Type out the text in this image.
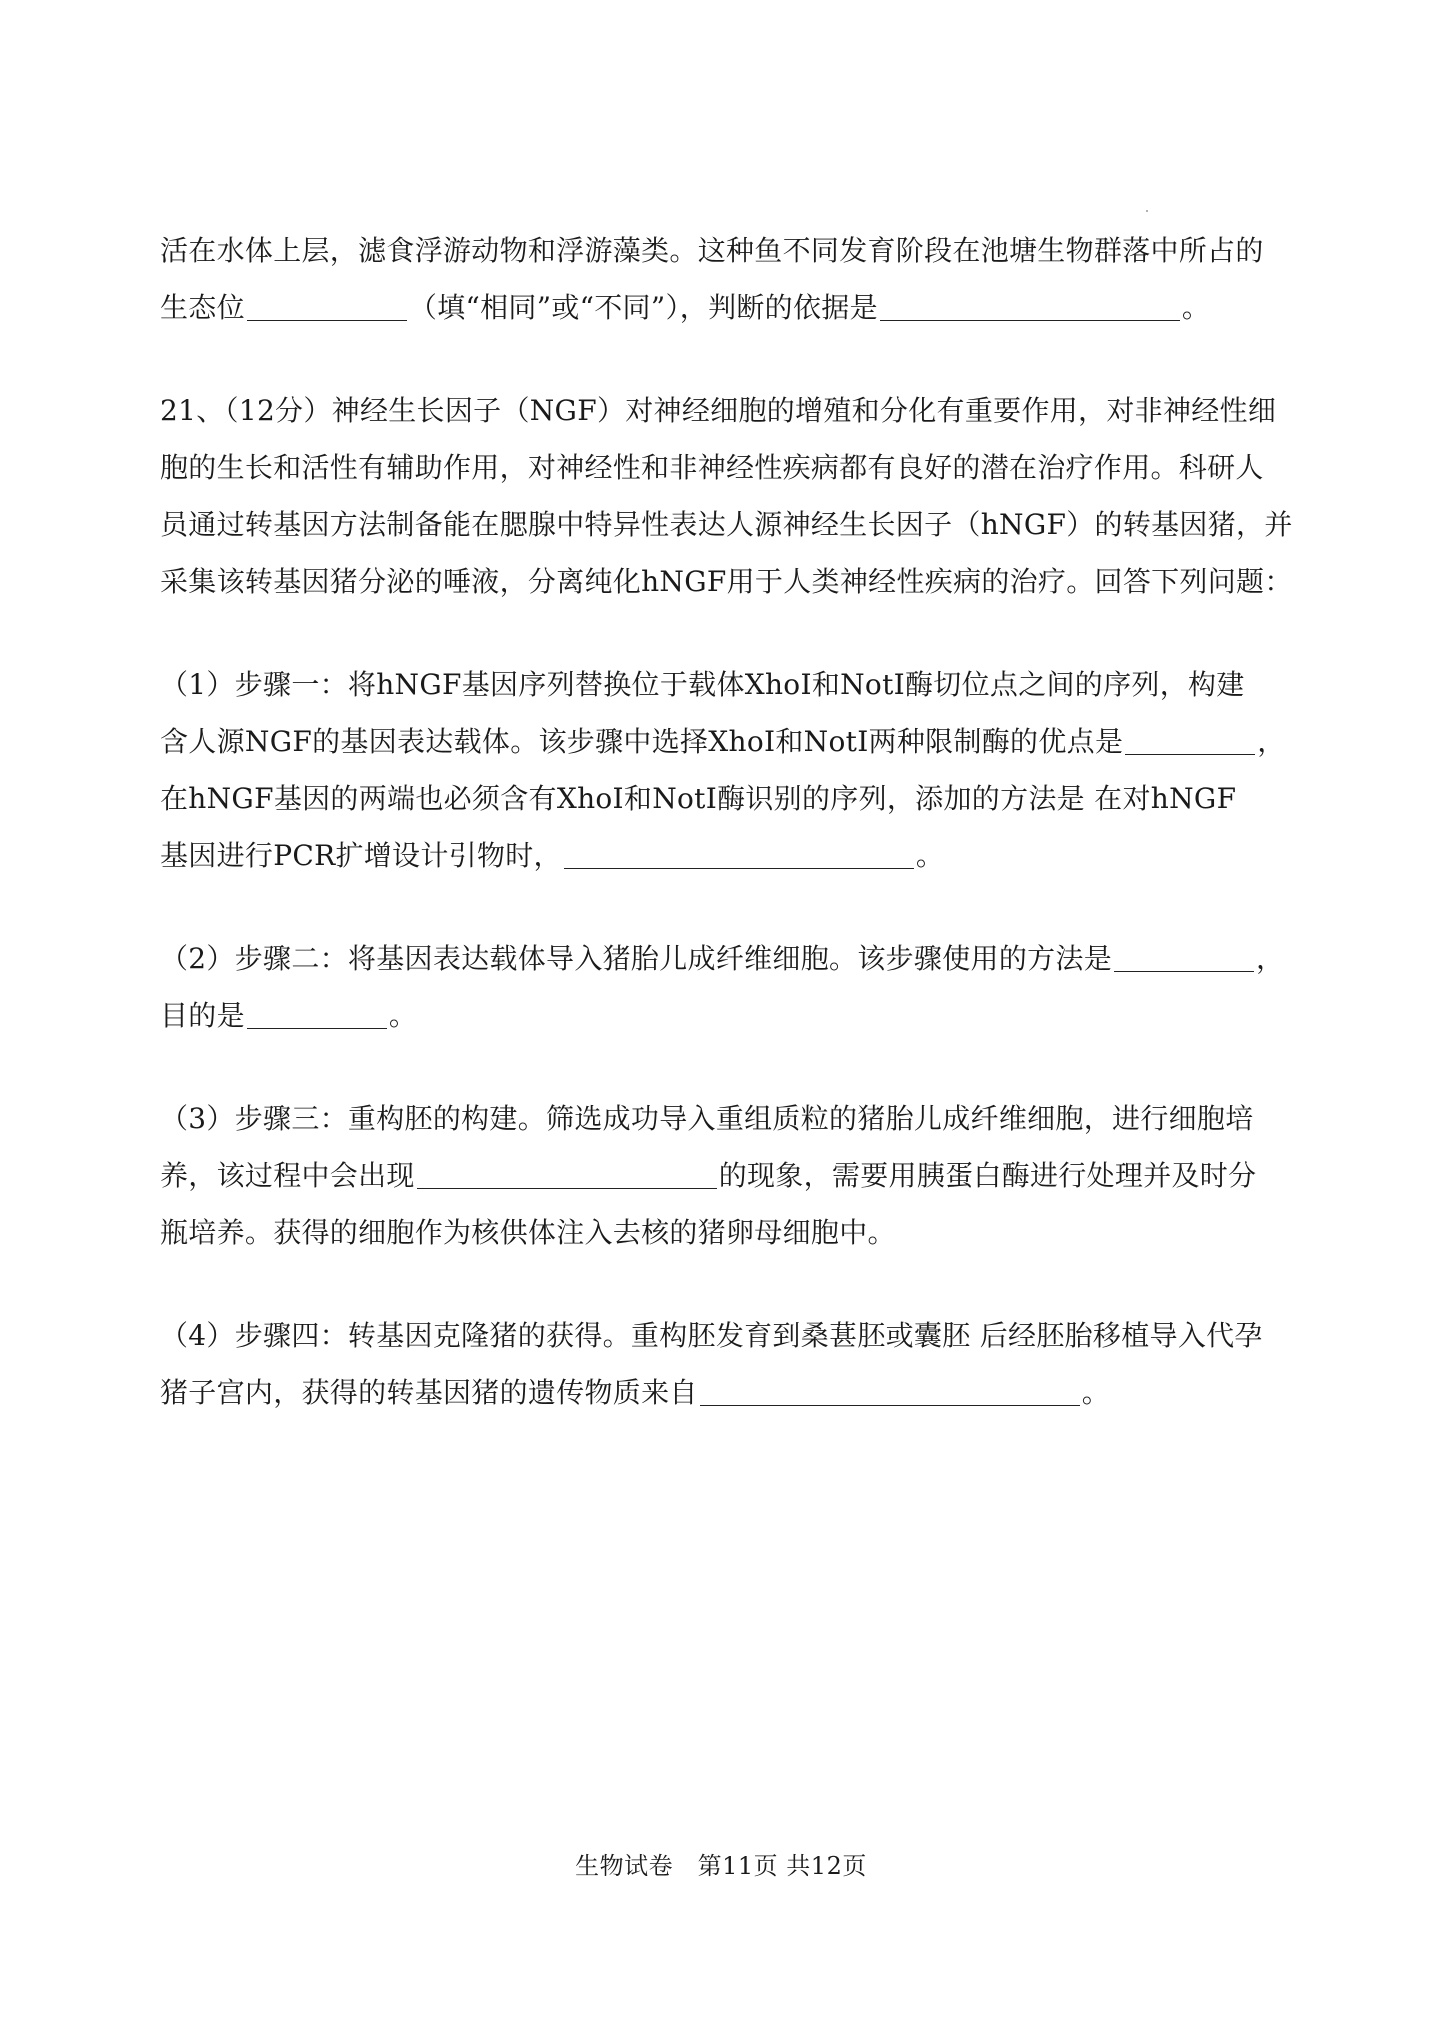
活在水体上层，滤食浮游动物和浮游藻类。这种鱼不同发育阶段在池塘生物群落中所占的
生态位	（填“相同”或“不同”），判断的依据是	。
21、（12分）神经生长因子（NGF）对神经细胞的增殖和分化有重要作用，对非神经性细
胞的生长和活性有辅助作用，对神经性和非神经性疾病都有良好的潜在治疗作用。科研人
员通过转基因方法制备能在腮腺中特异性表达人源神经生长因子（hNGF）的转基因猪，并
采集该转基因猪分泌的唾液，分离纯化hNGF用于人类神经性疾病的治疗。回答下列问题：
（1）步骤一：将hNGF基因序列替换位于载体XhoⅠ和NotⅠ酶切位点之间的序列，构建
含人源NGF的基因表达载体。该步骤中选择XhoⅠ和NotⅠ两种限制酶的优点是	，
在hNGF基因的两端也必须含有XhoⅠ和NotⅠ酶识别的序列，添加的方法是 在对hNGF
基因进行PCR扩增设计引物时，	。
（2）步骤二：将基因表达载体导入猪胎儿成纤维细胞。该步骤使用的方法是	，
目的是	。
（3）步骤三：重构胚的构建。筛选成功导入重组质粒的猪胎儿成纤维细胞，进行细胞培
养，该过程中会出现	的现象，需要用胰蛋白酶进行处理并及时分
瓶培养。获得的细胞作为核供体注入去核的猪卵母细胞中。
（4）步骤四：转基因克隆猪的获得。重构胚发育到桑葚胚或囊胚 后经胚胎移植导入代孕
猪子宫内，获得的转基因猪的遗传物质来自	。
生物试卷　第11页 共12页
